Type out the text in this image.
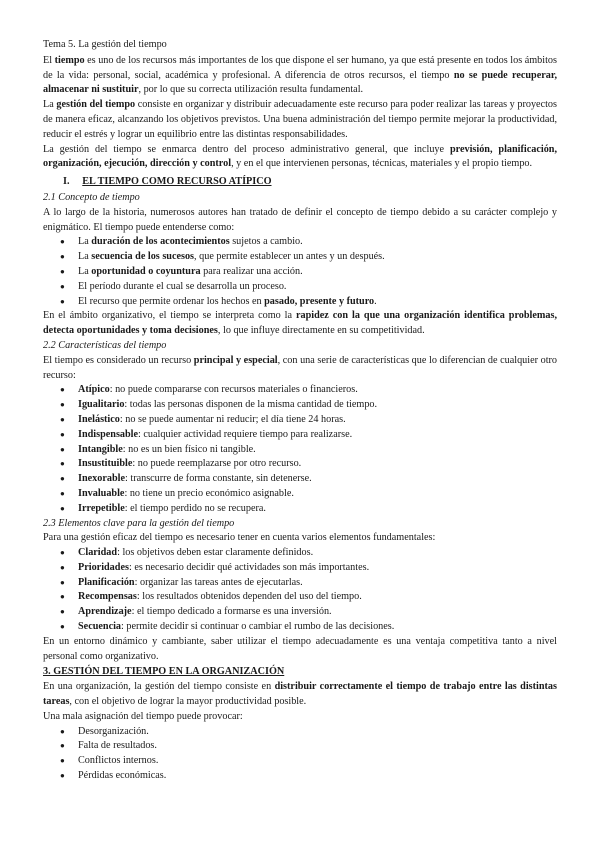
Tema 5. La gestión del tiempo

El tiempo es uno de los recursos más importantes de los que dispone el ser humano, ya que está presente en todos los ámbitos de la vida: personal, social, académica y profesional. A diferencia de otros recursos, el tiempo no se puede recuperar, almacenar ni sustituir, por lo que su correcta utilización resulta fundamental.

La gestión del tiempo consiste en organizar y distribuir adecuadamente este recurso para poder realizar las tareas y proyectos de manera eficaz, alcanzando los objetivos previstos. Una buena administración del tiempo permite mejorar la productividad, reducir el estrés y lograr un equilibrio entre las distintas responsabilidades.

La gestión del tiempo se enmarca dentro del proceso administrativo general, que incluye previsión, planificación, organización, ejecución, dirección y control, y en el que intervienen personas, técnicas, materiales y el propio tiempo.

I. EL TIEMPO COMO RECURSO ATÍPICO

2.1 Concepto de tiempo

A lo largo de la historia, numerosos autores han tratado de definir el concepto de tiempo debido a su carácter complejo y enigmático. El tiempo puede entenderse como:

● La duración de los acontecimientos sujetos a cambio.
● La secuencia de los sucesos, que permite establecer un antes y un después.
● La oportunidad o coyuntura para realizar una acción.
● El período durante el cual se desarrolla un proceso.
● El recurso que permite ordenar los hechos en pasado, presente y futuro.

En el ámbito organizativo, el tiempo se interpreta como la rapidez con la que una organización identifica problemas, detecta oportunidades y toma decisiones, lo que influye directamente en su competitividad.

2.2 Características del tiempo

El tiempo es considerado un recurso principal y especial, con una serie de características que lo diferencian de cualquier otro recurso:

● Atípico: no puede compararse con recursos materiales o financieros.
● Igualitario: todas las personas disponen de la misma cantidad de tiempo.
● Inelástico: no se puede aumentar ni reducir; el día tiene 24 horas.
● Indispensable: cualquier actividad requiere tiempo para realizarse.
● Intangible: no es un bien físico ni tangible.
● Insustituible: no puede reemplazarse por otro recurso.
● Inexorable: transcurre de forma constante, sin detenerse.
● Invaluable: no tiene un precio económico asignable.
● Irrepetible: el tiempo perdido no se recupera.

2.3 Elementos clave para la gestión del tiempo

Para una gestión eficaz del tiempo es necesario tener en cuenta varios elementos fundamentales:

● Claridad: los objetivos deben estar claramente definidos.
● Prioridades: es necesario decidir qué actividades son más importantes.
● Planificación: organizar las tareas antes de ejecutarlas.
● Recompensas: los resultados obtenidos dependen del uso del tiempo.
● Aprendizaje: el tiempo dedicado a formarse es una inversión.
● Secuencia: permite decidir si continuar o cambiar el rumbo de las decisiones.

En un entorno dinámico y cambiante, saber utilizar el tiempo adecuadamente es una ventaja competitiva tanto a nivel personal como organizativo.

3. GESTIÓN DEL TIEMPO EN LA ORGANIZACIÓN

En una organización, la gestión del tiempo consiste en distribuir correctamente el tiempo de trabajo entre las distintas tareas, con el objetivo de lograr la mayor productividad posible.

Una mala asignación del tiempo puede provocar:

● Desorganización.
● Falta de resultados.
● Conflictos internos.
● Pérdidas económicas.
